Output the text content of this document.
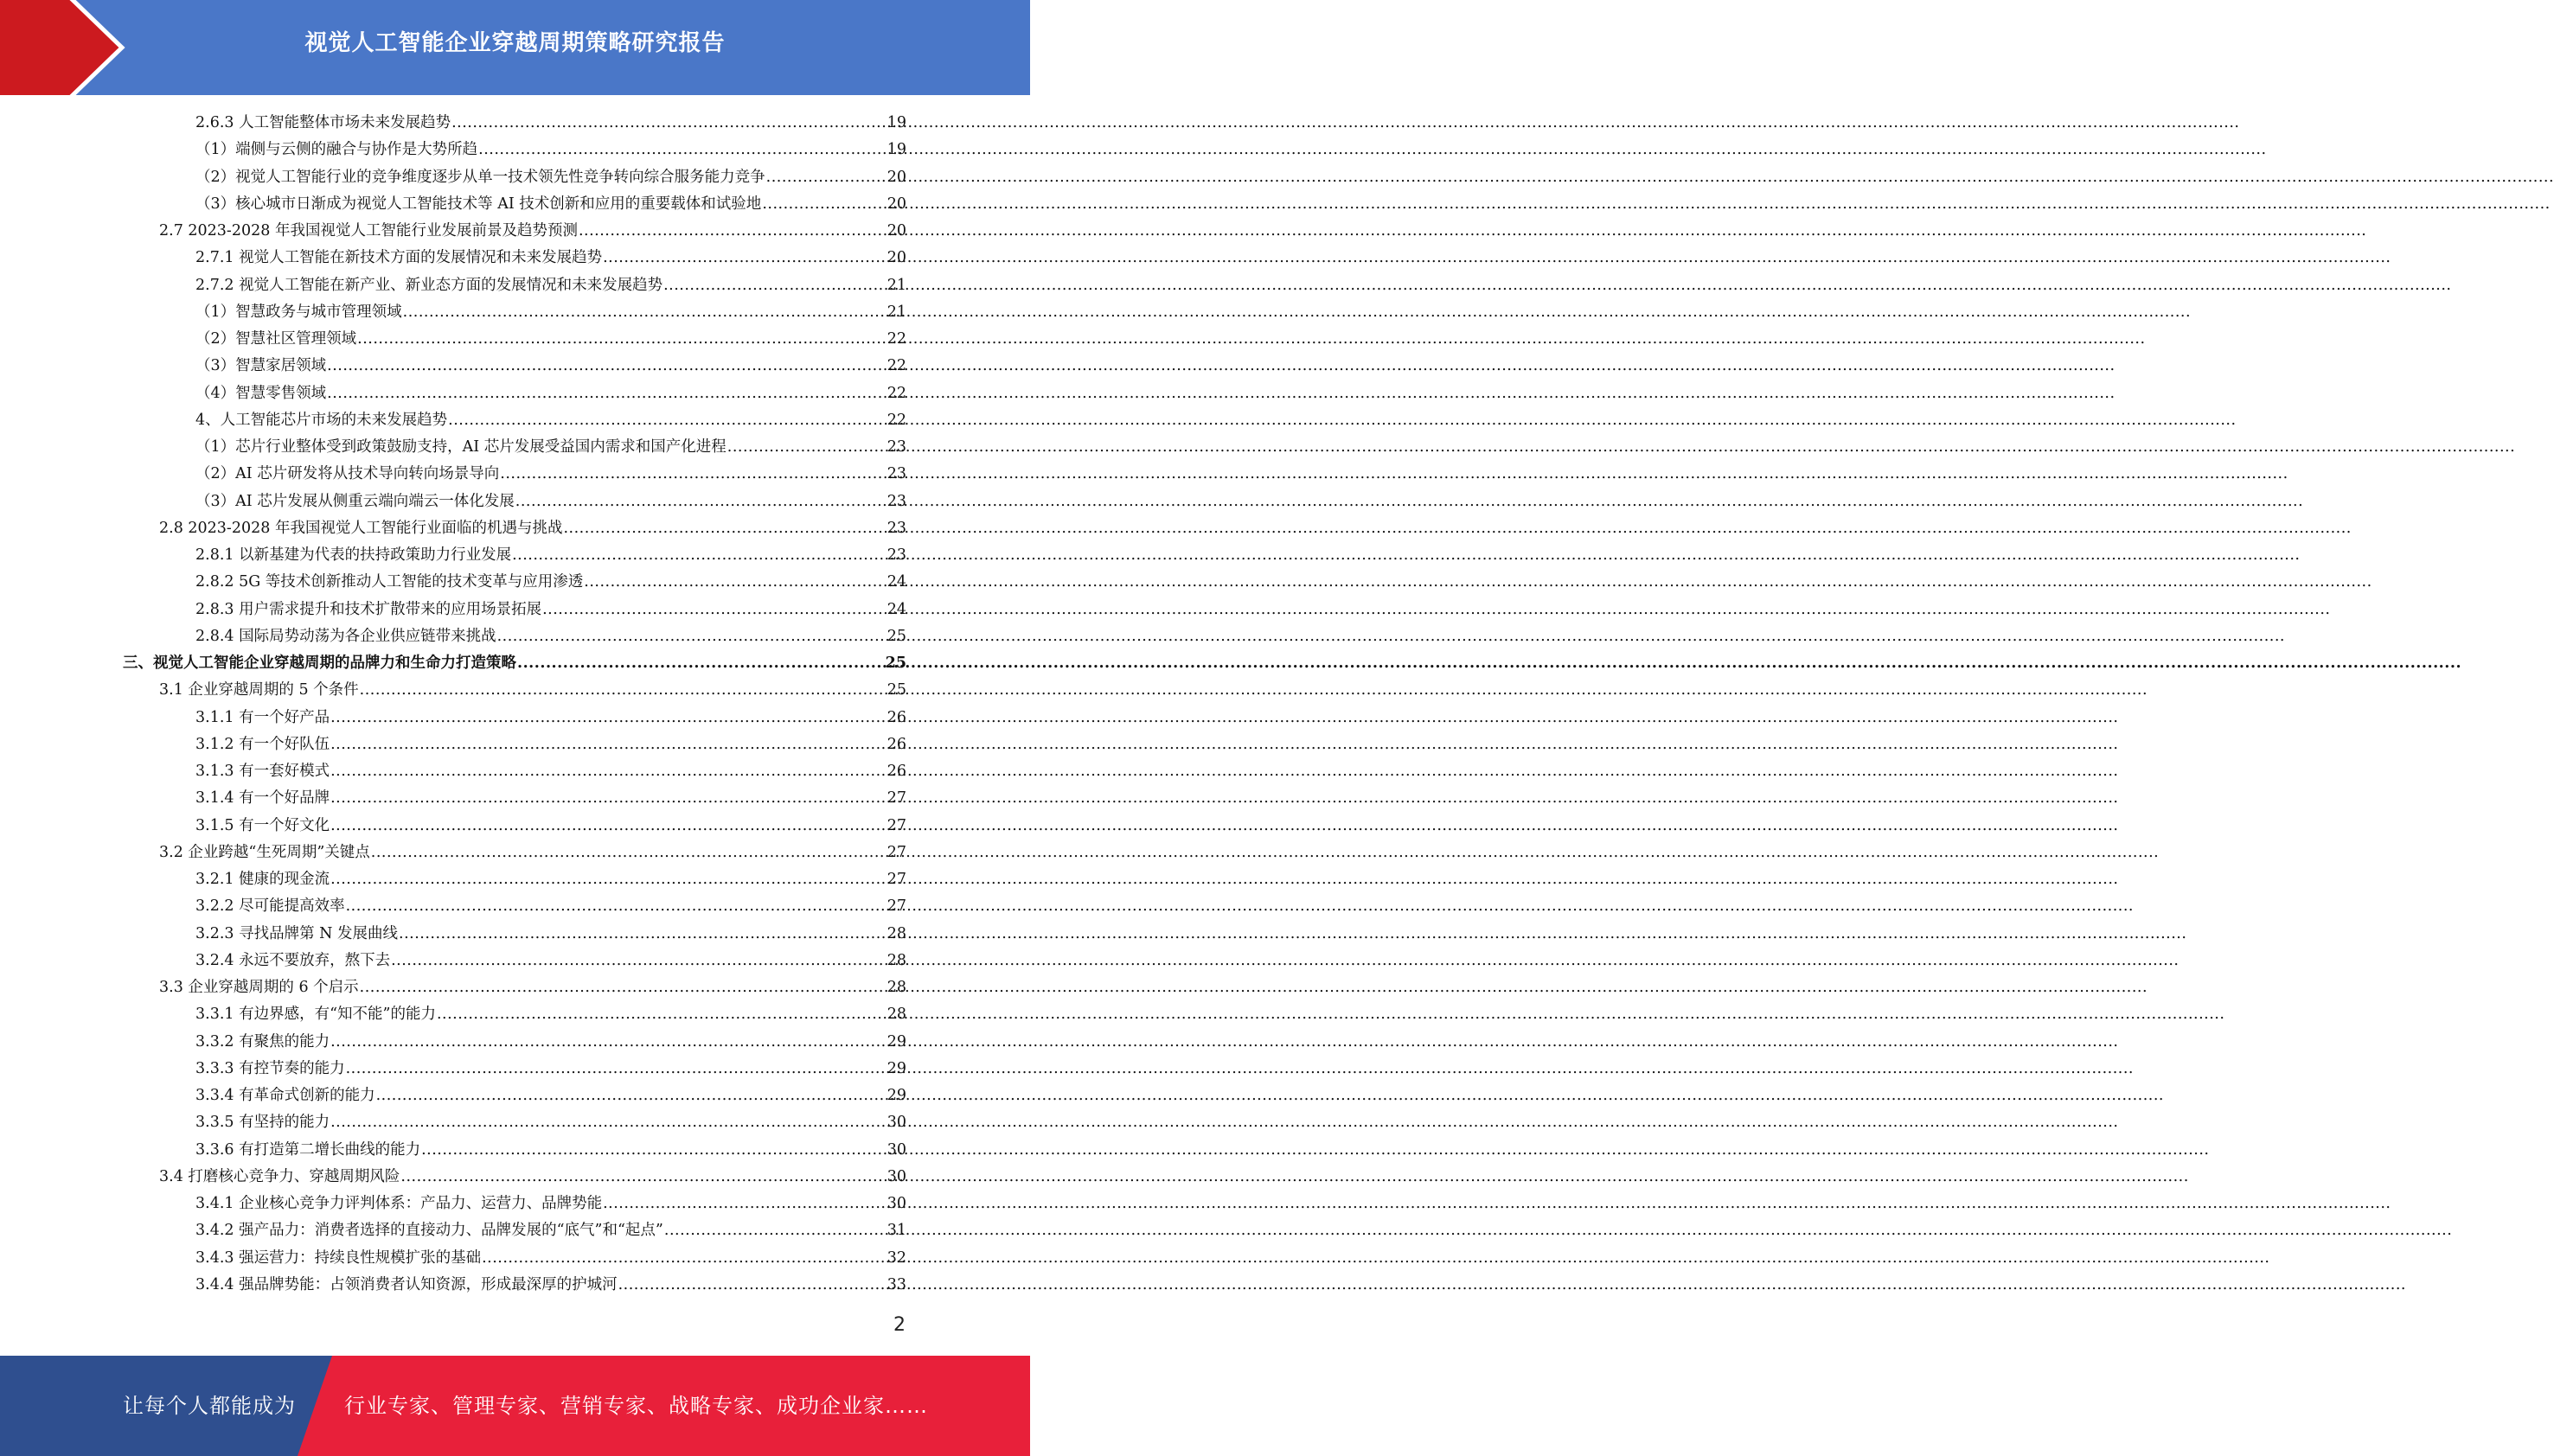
视觉人工智能企业穿越周期策略研究报告
2.6.3 人工智能整体市场未来发展趋势 .....	19
（1）端侧与云侧的融合与协作是大势所趋 .....	19
（2）视觉人工智能行业的竞争维度逐步从单一技术领先性竞争转向综合服务能力竞争 .....	20
（3）核心城市日渐成为视觉人工智能技术等 AI 技术创新和应用的重要载体和试验地 .....	20
2.7 2023-2028 年我国视觉人工智能行业发展前景及趋势预测 .....	20
2.7.1 视觉人工智能在新技术方面的发展情况和未来发展趋势 .....	20
2.7.2 视觉人工智能在新产业、新业态方面的发展情况和未来发展趋势 .....	21
（1）智慧政务与城市管理领域 .....	21
（2）智慧社区管理领域 .....	22
（3）智慧家居领域 .....	22
（4）智慧零售领域 .....	22
4、人工智能芯片市场的未来发展趋势 .....	22
（1）芯片行业整体受到政策鼓励支持，AI 芯片发展受益国内需求和国产化进程 .....	23
（2）AI 芯片研发将从技术导向转向场景导向 .....	23
（3）AI 芯片发展从侧重云端向端云一体化发展 .....	23
2.8 2023-2028 年我国视觉人工智能行业面临的机遇与挑战 .....	23
2.8.1 以新基建为代表的扶持政策助力行业发展 .....	23
2.8.2 5G 等技术创新推动人工智能的技术变革与应用渗透 .....	24
2.8.3 用户需求提升和技术扩散带来的应用场景拓展 .....	24
2.8.4 国际局势动荡为各企业供应链带来挑战 .....	25
三、视觉人工智能企业穿越周期的品牌力和生命力打造策略 .....	25
3.1 企业穿越周期的 5 个条件 .....	25
3.1.1 有一个好产品 .....	26
3.1.2 有一个好队伍 .....	26
3.1.3 有一套好模式 .....	26
3.1.4 有一个好品牌 .....	27
3.1.5 有一个好文化 .....	27
3.2 企业跨越“生死周期”关键点 .....	27
3.2.1 健康的现金流 .....	27
3.2.2 尽可能提高效率 .....	27
3.2.3 寻找品牌第 N 发展曲线 .....	28
3.2.4 永远不要放弃，熬下去 .....	28
3.3 企业穿越周期的 6 个启示 .....	28
3.3.1 有边界感，有“知不能”的能力 .....	28
3.3.2 有聚焦的能力 .....	29
3.3.3 有控节奏的能力 .....	29
3.3.4 有革命式创新的能力 .....	29
3.3.5 有坚持的能力 .....	30
3.3.6 有打造第二增长曲线的能力 .....	30
3.4 打磨核心竞争力、穿越周期风险 .....	30
3.4.1 企业核心竞争力评判体系：产品力、运营力、品牌势能 .....	30
3.4.2 强产品力：消费者选择的直接动力、品牌发展的“底气”和“起点” .....	31
3.4.3 强运营力：持续良性规模扩张的基础 .....	32
3.4.4 强品牌势能：占领消费者认知资源，形成最深厚的护城河 .....	33
2
让每个人都能成为 行业专家、管理专家、营销专家、战略专家、成功企业家……
